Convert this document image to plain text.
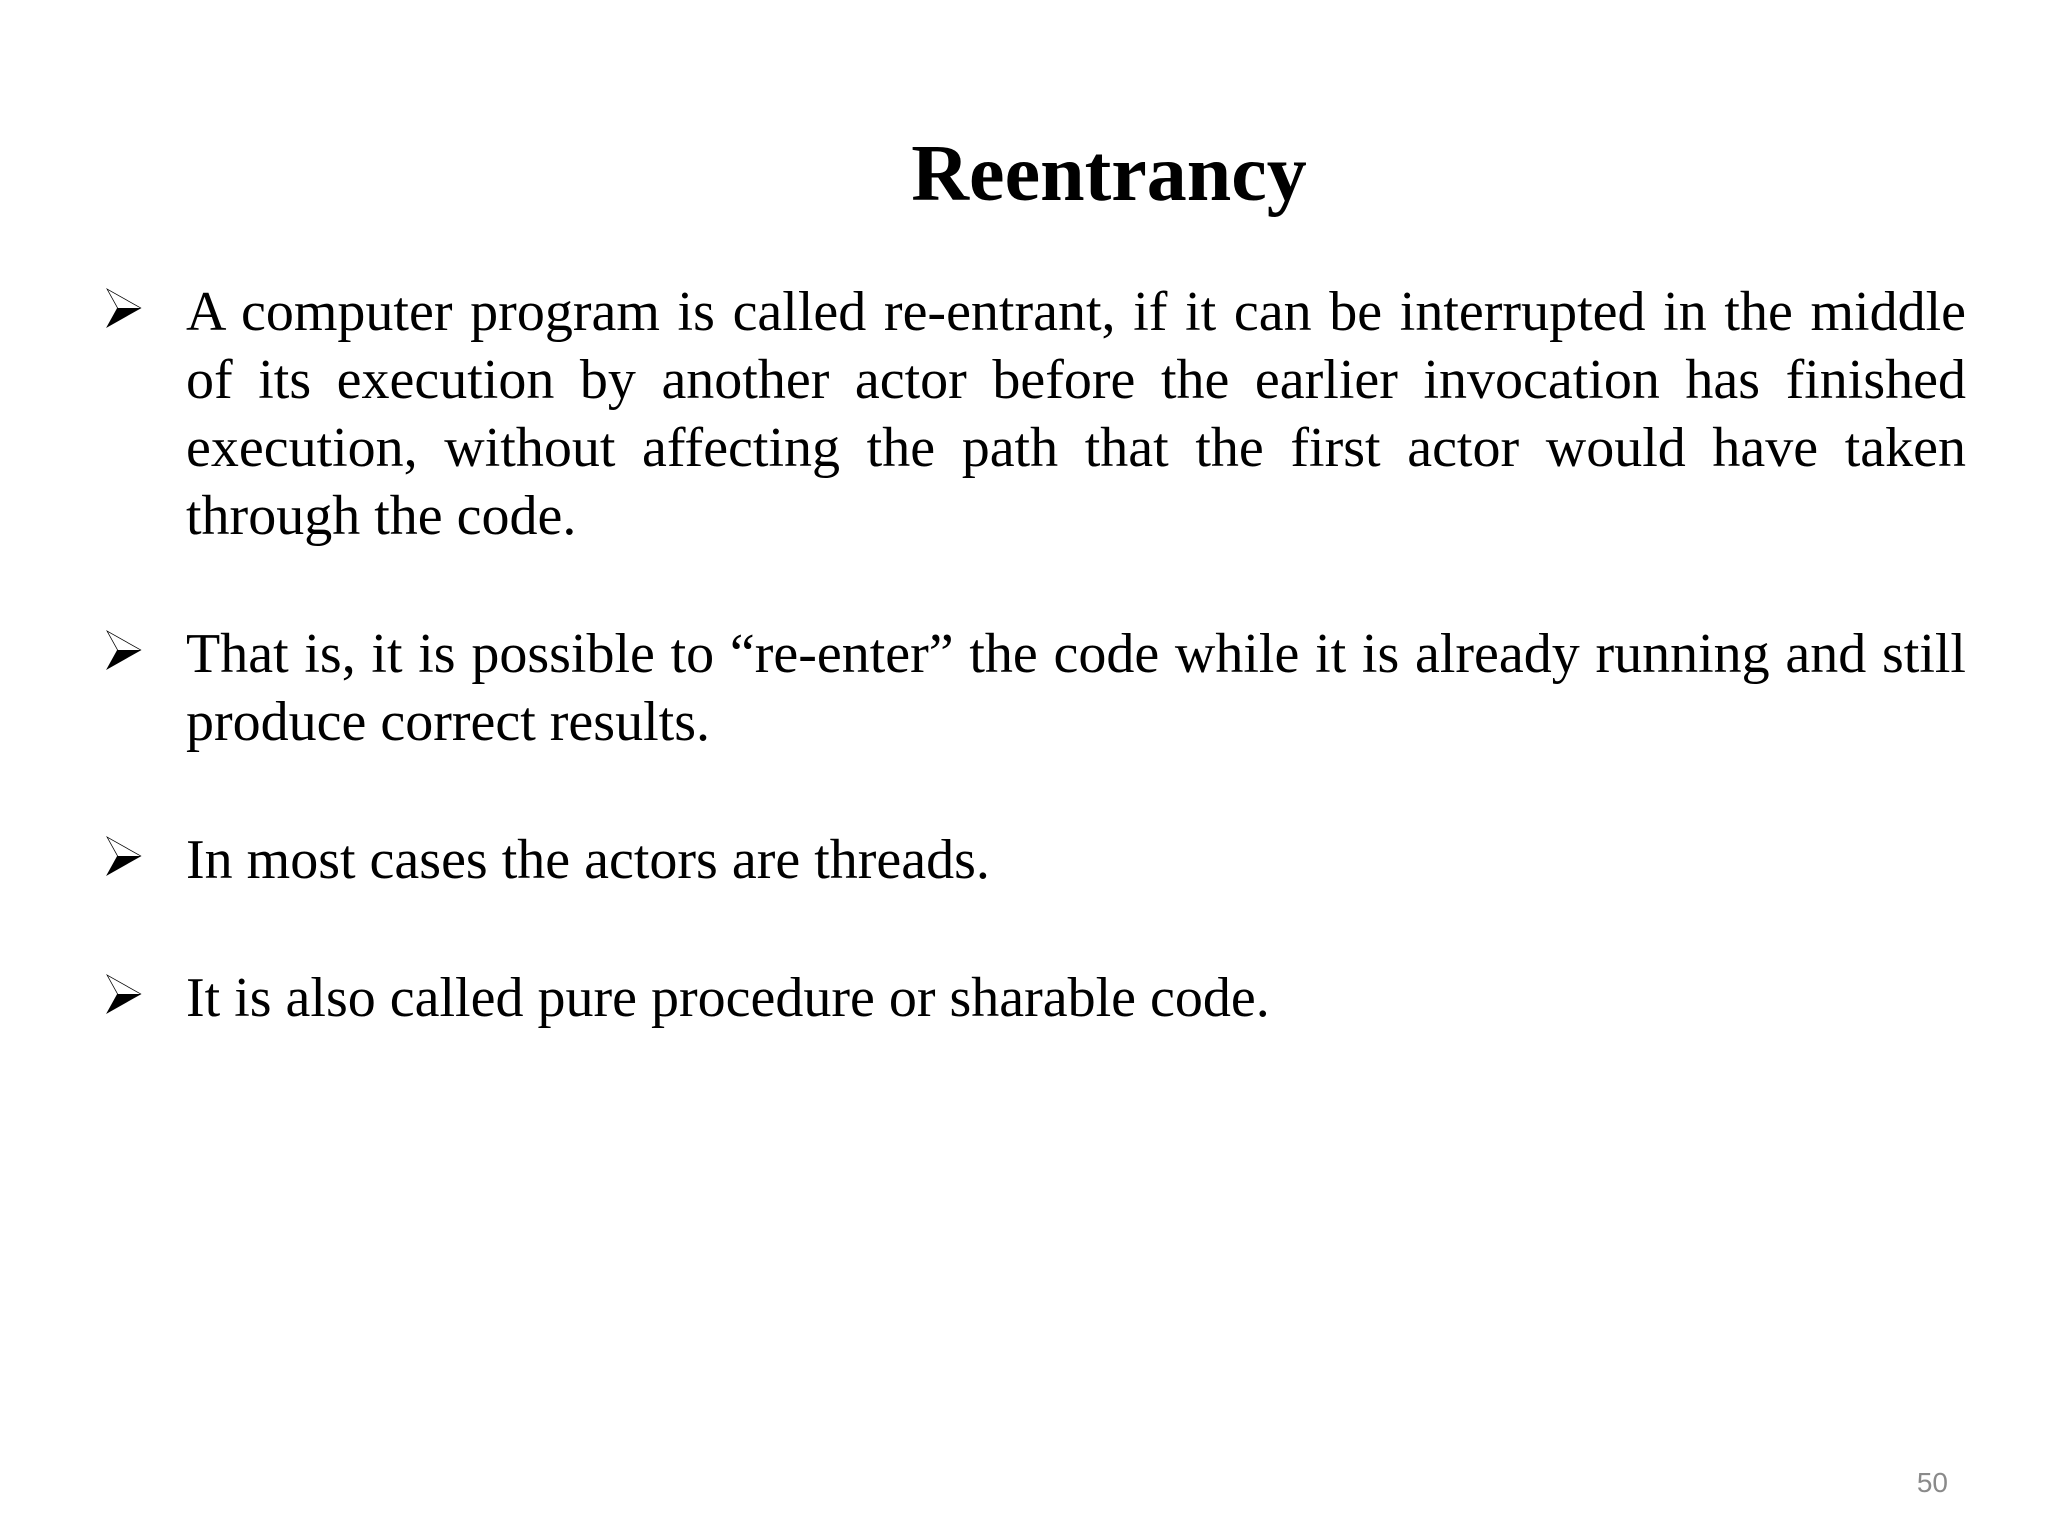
Reentrancy
A computer program is called re-entrant, if it can be interrupted in the middle of its execution by another actor before the earlier invocation has finished execution, without affecting the path that the first actor would have taken through the code.
That is, it is possible to “re-enter” the code while it is already running and still produce correct results.
In most cases the actors are threads.
It is also called pure procedure or sharable code.
50
